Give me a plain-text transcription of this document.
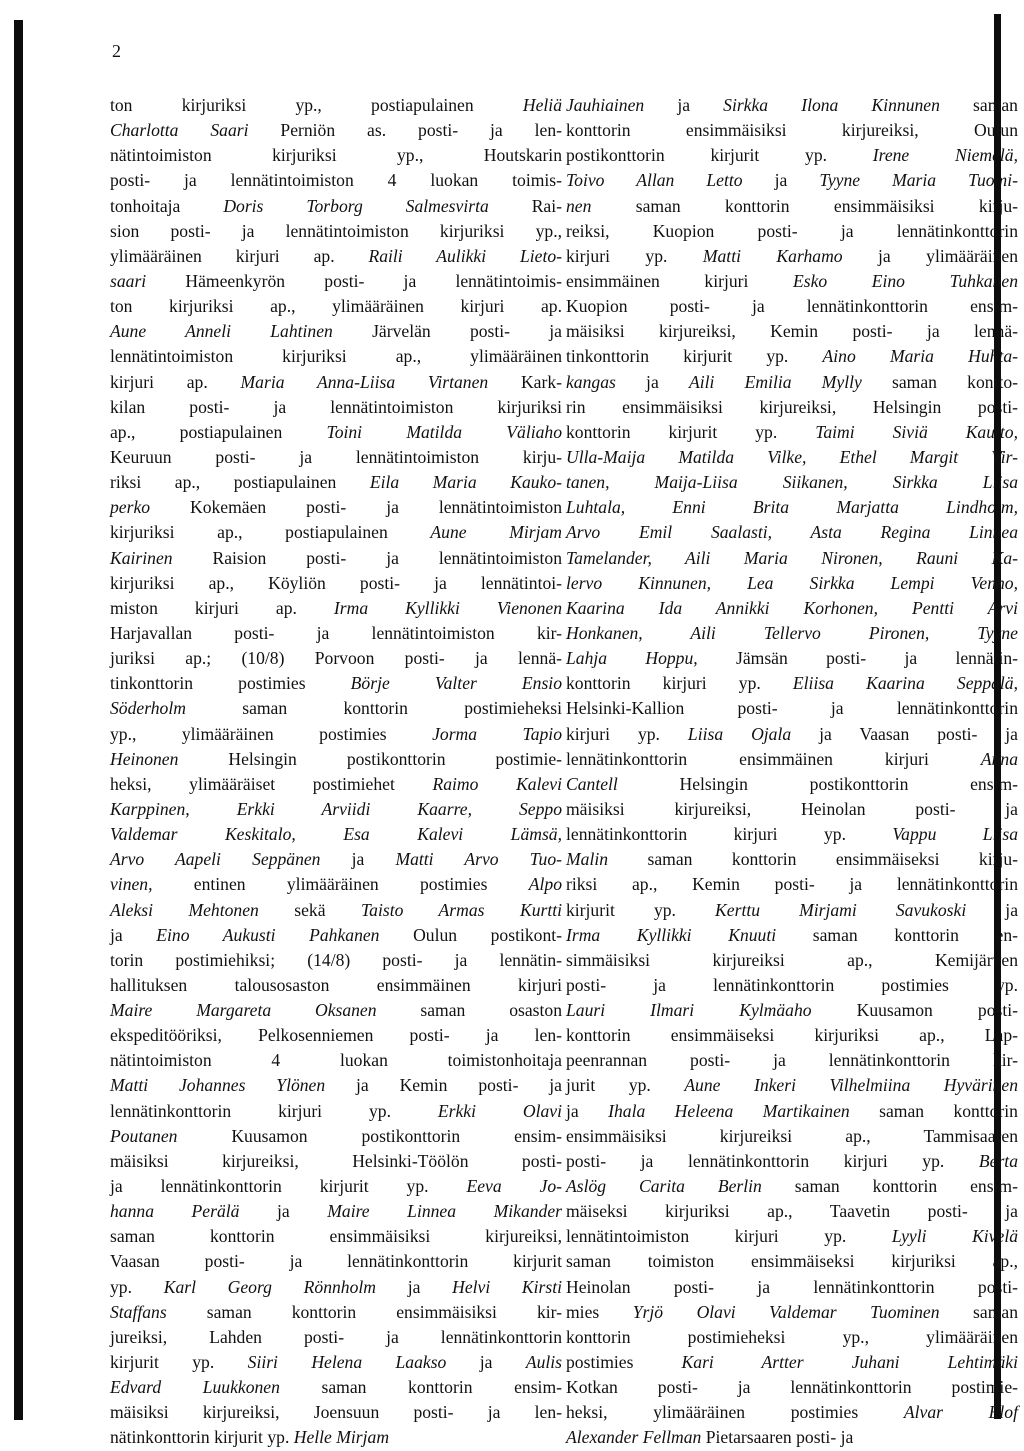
2
ton kirjuriksi yp., postiapulainen Heliä
Charlotta Saari Perniön as. posti- ja len-
nätintoimiston kirjuriksi yp., Houtskarin
posti- ja lennätintoimiston 4 luokan toimis-
tonhoitaja Doris Torborg Salmesvirta Rai-
sion posti- ja lennätintoimiston kirjuriksi yp.,
ylimääräinen kirjuri ap. Raili Aulikki Lieto-
saari Hämeenkyrön posti- ja lennätintoimis-
ton kirjuriksi ap., ylimääräinen kirjuri ap.
Aune Anneli Lahtinen Järvelän posti- ja
lennätintoimiston kirjuriksi ap., ylimääräinen
kirjuri ap. Maria Anna-Liisa Virtanen Kark-
kilan posti- ja lennätintoimiston kirjuriksi
ap., postiapulainen Toini Matilda Väliaho
Keuruun posti- ja lennätintoimiston kirju-
riksi ap., postiapulainen Eila Maria Kauko-
perko Kokemäen posti- ja lennätintoimiston
kirjuriksi ap., postiapulainen Aune Mirjam
Kairinen Raision posti- ja lennätintoimiston
kirjuriksi ap., Köyliön posti- ja lennätintoi-
miston kirjuri ap. Irma Kyllikki Vienonen
Harjavallan posti- ja lennätintoimiston kir-
juriksi ap.; (10/8) Porvoon posti- ja lennä-
tinkonttorin postimies Börje Valter Ensio
Söderholm saman konttorin postimieheksi
yp., ylimääräinen postimies Jorma Tapio
Heinonen Helsingin postikonttorin postimie-
heksi, ylimääräiset postimiehet Raimo Kalevi
Karppinen, Erkki Arviidi Kaarre, Seppo
Valdemar Keskitalo, Esa Kalevi Lämsä,
Arvo Aapeli Seppänen ja Matti Arvo Tuo-
vinen, entinen ylimääräinen postimies Alpo
Aleksi Mehtonen sekä Taisto Armas Kurtti
ja Eino Aukusti Pahkanen Oulun postikont-
torin postimiehiksi; (14/8) posti- ja lennätin-
hallituksen talousosaston ensimmäinen kirjuri
Maire Margareta Oksanen saman osaston
ekspeditööriksi, Pelkosenniemen posti- ja len-
nätintoimiston 4 luokan toimistonhoitaja
Matti Johannes Ylönen ja Kemin posti- ja
lennätinkonttorin kirjuri yp. Erkki Olavi
Poutanen Kuusamon postikonttorin ensim-
mäisiksi kirjureiksi, Helsinki-Töölön posti-
ja lennätinkonttorin kirjurit yp. Eeva Jo-
hanna Perälä ja Maire Linnea Mikander
saman konttorin ensimmäisiksi kirjureiksi,
Vaasan posti- ja lennätinkonttorin kirjurit
yp. Karl Georg Rönnholm ja Helvi Kirsti
Staffans saman konttorin ensimmäisiksi kir-
jureiksi, Lahden posti- ja lennätinkonttorin
kirjurit yp. Siiri Helena Laakso ja Aulis
Edvard Luukkonen saman konttorin ensim-
mäisiksi kirjureiksi, Joensuun posti- ja len-
nätinkonttorin kirjurit yp. Helle Mirjam
Jauhiainen ja Sirkka Ilona Kinnunen saman
konttorin ensimmäisiksi kirjureiksi, Oulun
postikonttorin kirjurit yp. Irene Niemelä,
Toivo Allan Letto ja Tyyne Maria Tuomi-
nen saman konttorin ensimmäisiksi kirju-
reiksi, Kuopion posti- ja lennätinkonttorin
kirjuri yp. Matti Karhamo ja ylimääräinen
ensimmäinen kirjuri Esko Eino Tuhkanen
Kuopion posti- ja lennätinkonttorin ensim-
mäisiksi kirjureiksi, Kemin posti- ja lennä-
tinkonttorin kirjurit yp. Aino Maria Huhta-
kangas ja Aili Emilia Mylly saman kontto-
rin ensimmäisiksi kirjureiksi, Helsingin posti-
konttorin kirjurit yp. Taimi Siviä Kautto,
Ulla-Maija Matilda Vilke, Ethel Margit Vir-
tanen, Maija-Liisa Siikanen, Sirkka Liisa
Luhtala, Enni Brita Marjatta Lindholm,
Arvo Emil Saalasti, Asta Regina Linnea
Tamelander, Aili Maria Nironen, Rauni Ka-
lervo Kinnunen, Lea Sirkka Lempi Venho,
Kaarina Ida Annikki Korhonen, Pentti Arvi
Honkanen, Aili Tellervo Pironen, Tyyne
Lahja Hoppu, Jämsän posti- ja lennätin-
konttorin kirjuri yp. Eliisa Kaarina Seppälä,
Helsinki-Kallion posti- ja lennätinkonttorin
kirjuri yp. Liisa Ojala ja Vaasan posti- ja
lennätinkonttorin ensimmäinen kirjuri Anna
Cantell Helsingin postikonttorin ensim-
mäisiksi kirjureiksi, Heinolan posti- ja
lennätinkonttorin kirjuri yp. Vappu Liisa
Malin saman konttorin ensimmäiseksi kirju-
riksi ap., Kemin posti- ja lennätinkonttorin
kirjurit yp. Kerttu Mirjami Savukoski ja
Irma Kyllikki Knuuti saman konttorin en-
simmäisiksi kirjureiksi ap., Kemijärven
posti- ja lennätinkonttorin postimies yp.
Lauri Ilmari Kylmäaho Kuusamon posti-
konttorin ensimmäiseksi kirjuriksi ap., Lap-
peenrannan posti- ja lennätinkonttorin kir-
jurit yp. Aune Inkeri Vilhelmiina Hyvärinen
ja Ihala Heleena Martikainen saman konttorin
ensimmäisiksi kirjureiksi ap., Tammisaaren
posti- ja lennätinkonttorin kirjuri yp. Berta
Aslög Carita Berlin saman konttorin ensim-
mäiseksi kirjuriksi ap., Taavetin posti- ja
lennätintoimiston kirjuri yp. Lyyli Kivelä
saman toimiston ensimmäiseksi kirjuriksi ap.,
Heinolan posti- ja lennätinkonttorin posti-
mies Yrjö Olavi Valdemar Tuominen saman
konttorin postimieheksi yp., ylimääräinen
postimies Kari Artter Juhani Lehtimäki
Kotkan posti- ja lennätinkonttorin postimie-
heksi, ylimääräinen postimies Alvar Elof
Alexander Fellman Pietarsaaren posti- ja
